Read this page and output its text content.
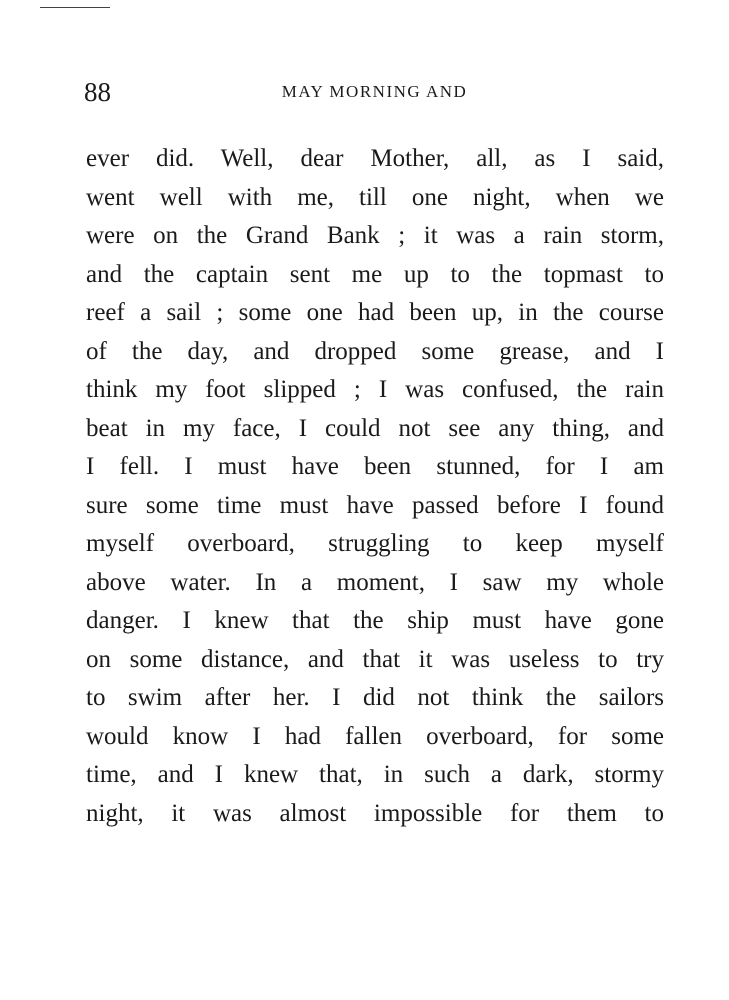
88	MAY MORNING AND
ever did. Well, dear Mother, all, as I said,
went well with me, till one night, when we
were on the Grand Bank ; it was a rain storm,
and the captain sent me up to the topmast to
reef a sail ; some one had been up, in the course
of the day, and dropped some grease, and I
think my foot slipped ; I was confused, the rain
beat in my face, I could not see any thing, and
I fell. I must have been stunned, for I am
sure some time must have passed before I found
myself overboard, struggling to keep myself
above water. In a moment, I saw my whole
danger. I knew that the ship must have gone
on some distance, and that it was useless to try
to swim after her. I did not think the sailors
would know I had fallen overboard, for some
time, and I knew that, in such a dark, stormy
night, it was almost impossible for them to
